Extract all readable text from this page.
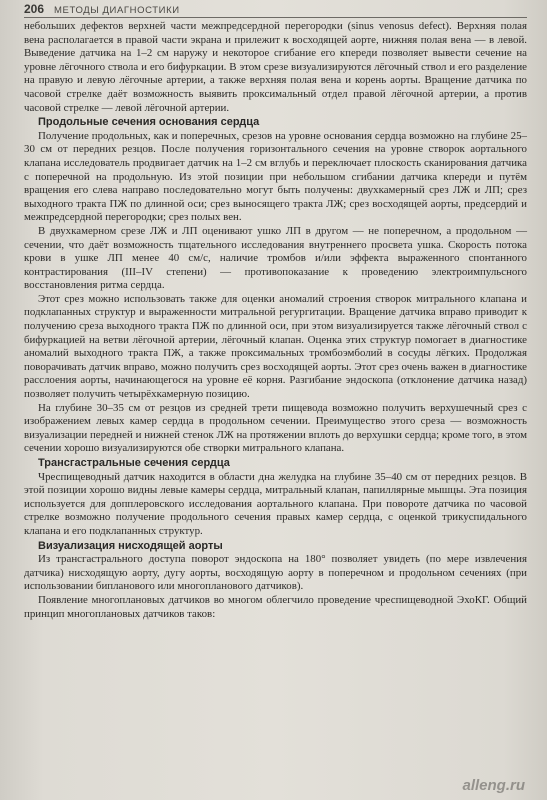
206 МЕТОДЫ ДИАГНОСТИКИ

небольших дефектов верхней части межпредсердной перегородки (sinus venosus defect). Верхняя полая вена располагается в правой части экрана и прилежит к восходящей аорте, нижняя полая вена — в левой. Выведение датчика на 1–2 см наружу и некоторое сгибание его кпереди позволяет вывести сечение на уровне лёгочного ствола и его бифуркации. В этом срезе визуализируются лёгочный ствол и его разделение на правую и левую лёгочные артерии, а также верхняя полая вена и корень аорты. Вращение датчика по часовой стрелке даёт возможность выявить проксимальный отдел правой лёгочной артерии, а против часовой стрелке — левой лёгочной артерии.

Продольные сечения основания сердца

Получение продольных, как и поперечных, срезов на уровне основания сердца возможно на глубине 25–30 см от передних резцов. После получения горизонтального сечения на уровне створок аортального клапана исследователь продвигает датчик на 1–2 см вглубь и переключает плоскость сканирования датчика с поперечной на продольную. Из этой позиции при небольшом сгибании датчика кпереди и путём вращения его слева направо последовательно могут быть получены: двухкамерный срез ЛЖ и ЛП; срез выходного тракта ПЖ по длинной оси; срез выносящего тракта ЛЖ; срез восходящей аорты, предсердий и межпредсердной перегородки; срез полых вен.

В двухкамерном срезе ЛЖ и ЛП оценивают ушко ЛП в другом — не поперечном, а продольном — сечении, что даёт возможность тщательного исследования внутреннего просвета ушка. Скорость потока крови в ушке ЛП менее 40 см/с, наличие тромбов и/или эффекта выраженного спонтанного контрастирования (III–IV степени) — противопоказание к проведению электроимпульсного восстановления ритма сердца.

Этот срез можно использовать также для оценки аномалий строения створок митрального клапана и подклапанных структур и выраженности митральной регургитации. Вращение датчика вправо приводит к получению среза выходного тракта ПЖ по длинной оси, при этом визуализируется также лёгочный ствол с бифуркацией на ветви лёгочной артерии, лёгочный клапан. Оценка этих структур помогает в диагностике аномалий выходного тракта ПЖ, а также проксимальных тромбоэмболий в сосуды лёгких. Продолжая поворачивать датчик вправо, можно получить срез восходящей аорты. Этот срез очень важен в диагностике расслоения аорты, начинающегося на уровне её корня. Разгибание эндоскопа (отклонение датчика назад) позволяет получить четырёхкамерную позицию.

На глубине 30–35 см от резцов из средней трети пищевода возможно получить верхушечный срез с изображением левых камер сердца в продольном сечении. Преимущество этого среза — возможность визуализации передней и нижней стенок ЛЖ на протяжении вплоть до верхушки сердца; кроме того, в этом сечении хорошо визуализируются обе створки митрального клапана.

Трансгастральные сечения сердца

Чреспищеводный датчик находится в области дна желудка на глубине 35–40 см от передних резцов. В этой позиции хорошо видны левые камеры сердца, митральный клапан, папиллярные мышцы. Эта позиция используется для допплеровского исследования аортального клапана. При повороте датчика по часовой стрелке возможно получение продольного сечения правых камер сердца, с оценкой трикуспидального клапана и его подклапанных структур.

Визуализация нисходящей аорты

Из трансгастрального доступа поворот эндоскопа на 180° позволяет увидеть (по мере извлечения датчика) нисходящую аорту, дугу аорты, восходящую аорту в поперечном и продольном сечениях (при использовании бипланового или многопланового датчиков).

Появление многоплановых датчиков во многом облегчило проведение чреспищеводной ЭхоКГ. Общий принцип многоплановых датчиков таков:

alleng.ru
